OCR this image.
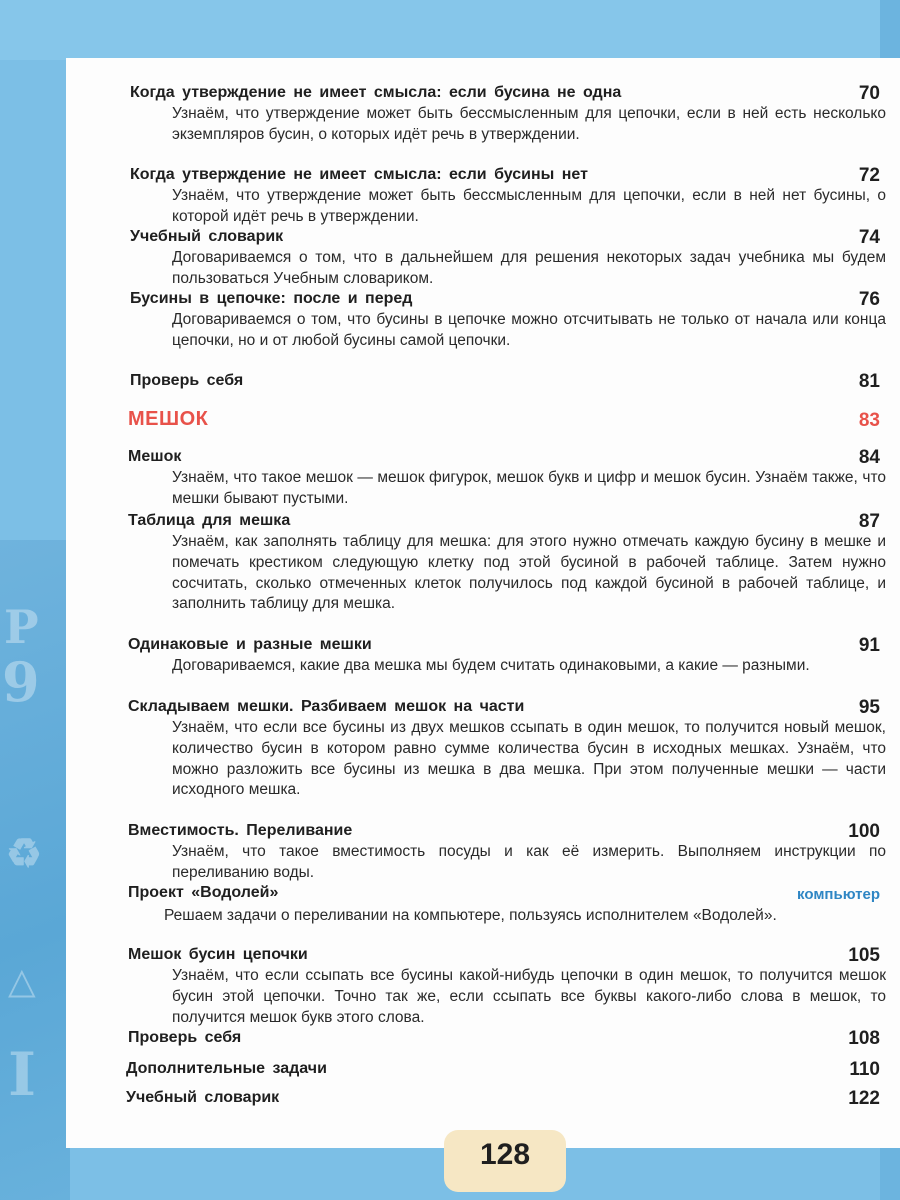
P
9
♻
I
△
Когда утверждение не имеет смысла: если бусина не одна	70
Узнаём, что утверждение может быть бессмысленным для цепочки, если в ней есть несколько экземпляров бусин, о которых идёт речь в утверждении.
Когда утверждение не имеет смысла: если бусины нет	72
Узнаём, что утверждение может быть бессмысленным для цепочки, если в ней нет бусины, о которой идёт речь в утверждении.
Учебный словарик	74
Договариваемся о том, что в дальнейшем для решения некоторых задач учебника мы будем пользоваться Учебным словариком.
Бусины в цепочке: после и перед	76
Договариваемся о том, что бусины в цепочке можно отсчитывать не только от начала или конца цепочки, но и от любой бусины самой цепочки.
Проверь себя	81
МЕШОК	83
Мешок	84
Узнаём, что такое мешок — мешок фигурок, мешок букв и цифр и мешок бусин. Узнаём также, что мешки бывают пустыми.
Таблица для мешка	87
Узнаём, как заполнять таблицу для мешка: для этого нужно отмечать каждую бусину в мешке и помечать крестиком следующую клетку под этой бусиной в рабочей таблице. Затем нужно сосчитать, сколько отмеченных клеток получилось под каждой бусиной в рабочей таблице, и заполнить таблицу для мешка.
Одинаковые и разные мешки	91
Договариваемся, какие два мешка мы будем считать одинаковыми, а какие — разными.
Складываем мешки. Разбиваем мешок на части	95
Узнаём, что если все бусины из двух мешков ссыпать в один мешок, то получится новый мешок, количество бусин в котором равно сумме количества бусин в исходных мешках. Узнаём, что можно разложить все бусины из мешка в два мешка. При этом полученные мешки — части исходного мешка.
Вместимость. Переливание	100
Узнаём, что такое вместимость посуды и как её измерить. Выполняем инструкции по переливанию воды.
Проект «Водолей»	компьютер
Решаем задачи о переливании на компьютере, пользуясь исполнителем «Водолей».
Мешок бусин цепочки	105
Узнаём, что если ссыпать все бусины какой-нибудь цепочки в один мешок, то получится мешок бусин этой цепочки. Точно так же, если ссыпать все буквы какого-либо слова в мешок, то получится мешок букв этого слова.
Проверь себя	108
Дополнительные задачи	110
Учебный словарик	122
128
